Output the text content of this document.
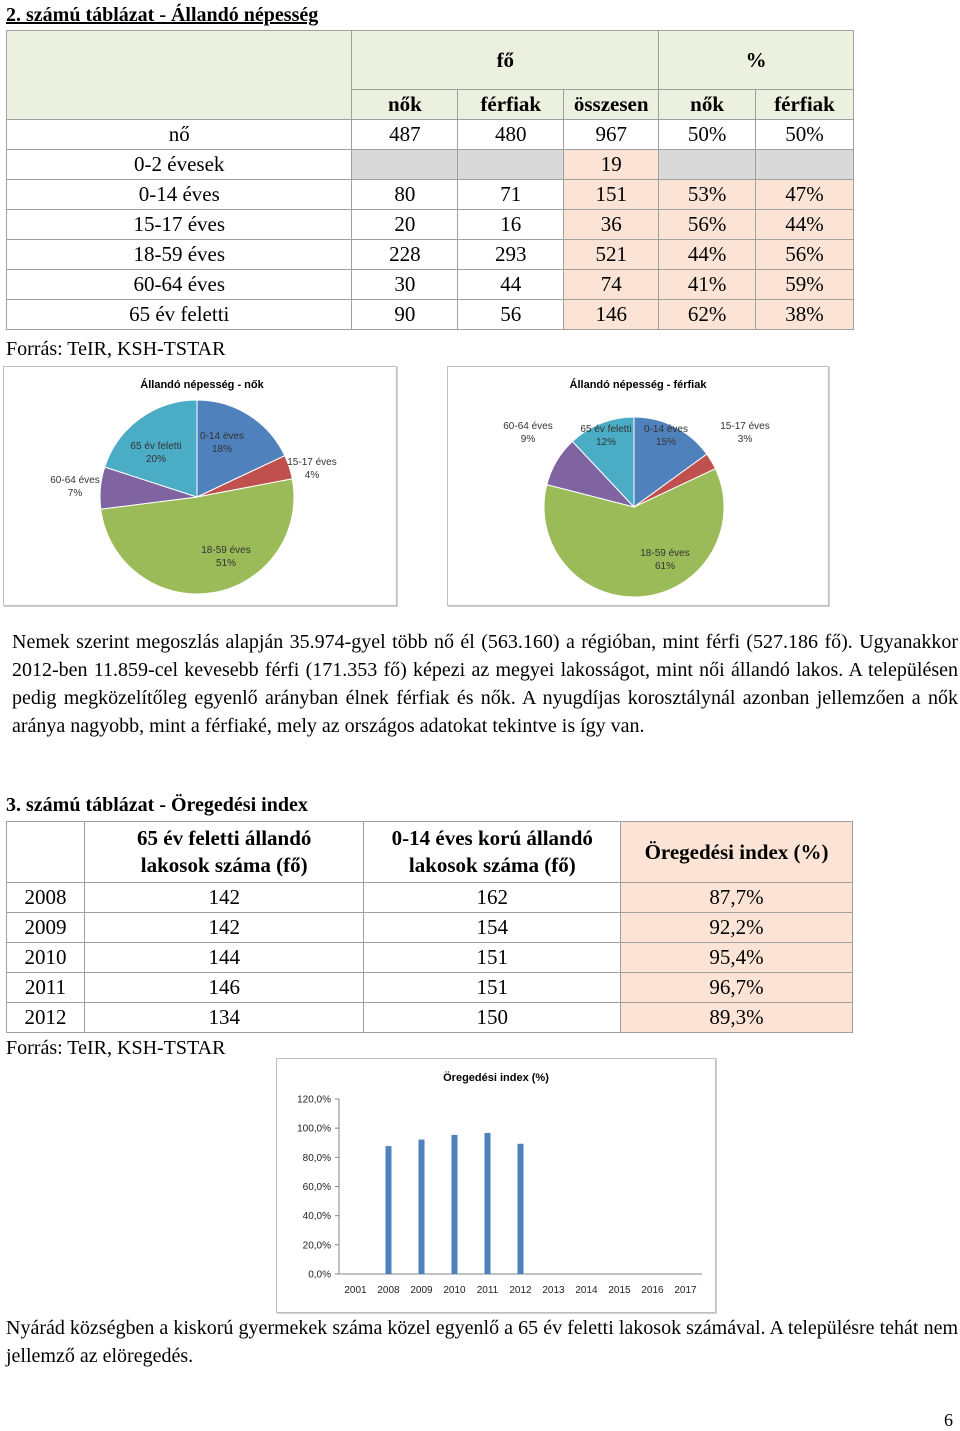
2. számú táblázat - Állandó népesség
	fő			%	
	nők	férfiak	összesen	nők	férfiak
nő	487	480	967	50%	50%
0-2 évesek			19		
0-14 éves	80	71	151	53%	47%
15-17 éves	20	16	36	56%	44%
18-59 éves	228	293	521	44%	56%
60-64 éves	30	44	74	41%	59%
65 év feletti	90	56	146	62%	38%
Forrás: TeIR, KSH-TSTAR
Állandó népesség - nők
0-14 éves
18%
15-17 éves
4%
18-59 éves
51%
60-64 éves
7%
65 év feletti
20%
Állandó népesség - férfiak
0-14 éves
15%
15-17 éves
3%
18-59 éves
61%
60-64 éves
9%
65 év feletti
12%
Nemek szerint megoszlás alapján 35.974-gyel több nő él (563.160) a régióban, mint férfi (527.186 fő). Ugyanakkor 2012-ben 11.859-cel kevesebb férfi (171.353 fő) képezi az megyei lakosságot, mint női állandó lakos. A településen pedig megközelítőleg egyenlő arányban élnek férfiak és nők. A nyugdíjas korosztálynál azonban jellemzően a nők aránya nagyobb, mint a férfiaké, mely az országos adatokat tekintve is így van.
3. számú táblázat - Öregedési index
	65 év feletti állandó lakosok száma (fő)	0-14 éves korú állandó lakosok száma (fő)	Öregedési index (%)
2008	142	162	87,7%
2009	142	154	92,2%
2010	144	151	95,4%
2011	146	151	96,7%
2012	134	150	89,3%
Forrás: TeIR, KSH-TSTAR
Öregedési index (%)
0,0%
20,0%
40,0%
60,0%
80,0%
100,0%
120,0%
2001 2008 2009 2010 2011 2012 2013 2014 2015 2016 2017
Nyárád községben a kiskorú gyermekek száma közel egyenlő a 65 év feletti lakosok számával. A településre tehát nem jellemző az elöregedés.
6
